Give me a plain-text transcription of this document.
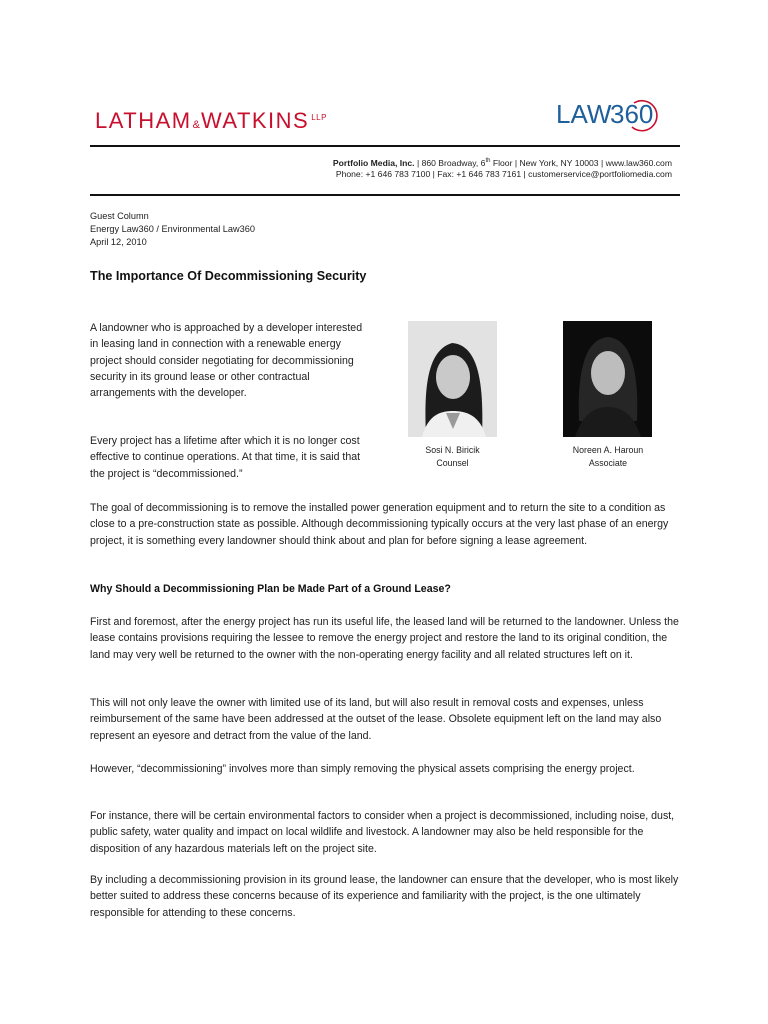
LATHAM&WATKINS $^{LLP}$	LAW
360
Portfolio Media, Inc. | 860 Broadway, 6th Floor | New York, NY 10003 | www.law360.com
Phone: +1 646 783 7100 | Fax: +1 646 783 7161 | customerservice@portfoliomedia.com
Guest Column
Energy Law360 / Environmental Law360
April 12, 2010
The Importance Of Decommissioning Security
A landowner who is approached by a developer interested in leasing land in connection with a renewable energy project should consider negotiating for decommissioning security in its ground lease or other contractual arrangements with the developer.
Every project has a lifetime after which it is no longer cost effective to continue operations. At that time, it is said that the project is “decommissioned.”
Sosi N. Biricik
Counsel
Noreen A. Haroun
Associate
The goal of decommissioning is to remove the installed power generation equipment and to return the site to a condition as close to a pre-construction state as possible. Although decommissioning typically occurs at the very last phase of an energy project, it is something every landowner should think about and plan for before signing a lease agreement.
Why Should a Decommissioning Plan be Made Part of a Ground Lease?
First and foremost, after the energy project has run its useful life, the leased land will be returned to the landowner. Unless the lease contains provisions requiring the lessee to remove the energy project and restore the land to its original condition, the land may very well be returned to the owner with the non-operating energy facility and all related structures left on it.
This will not only leave the owner with limited use of its land, but will also result in removal costs and expenses, unless reimbursement of the same have been addressed at the outset of the lease. Obsolete equipment left on the land may also represent an eyesore and detract from the value of the land.
However, “decommissioning” involves more than simply removing the physical assets comprising the energy project.
For instance, there will be certain environmental factors to consider when a project is decommissioned, including noise, dust, public safety, water quality and impact on local wildlife and livestock. A landowner may also be held responsible for the disposition of any hazardous materials left on the project site.
By including a decommissioning provision in its ground lease, the landowner can ensure that the developer, who is most likely better suited to address these concerns because of its experience and familiarity with the project, is the one ultimately responsible for attending to these concerns.
